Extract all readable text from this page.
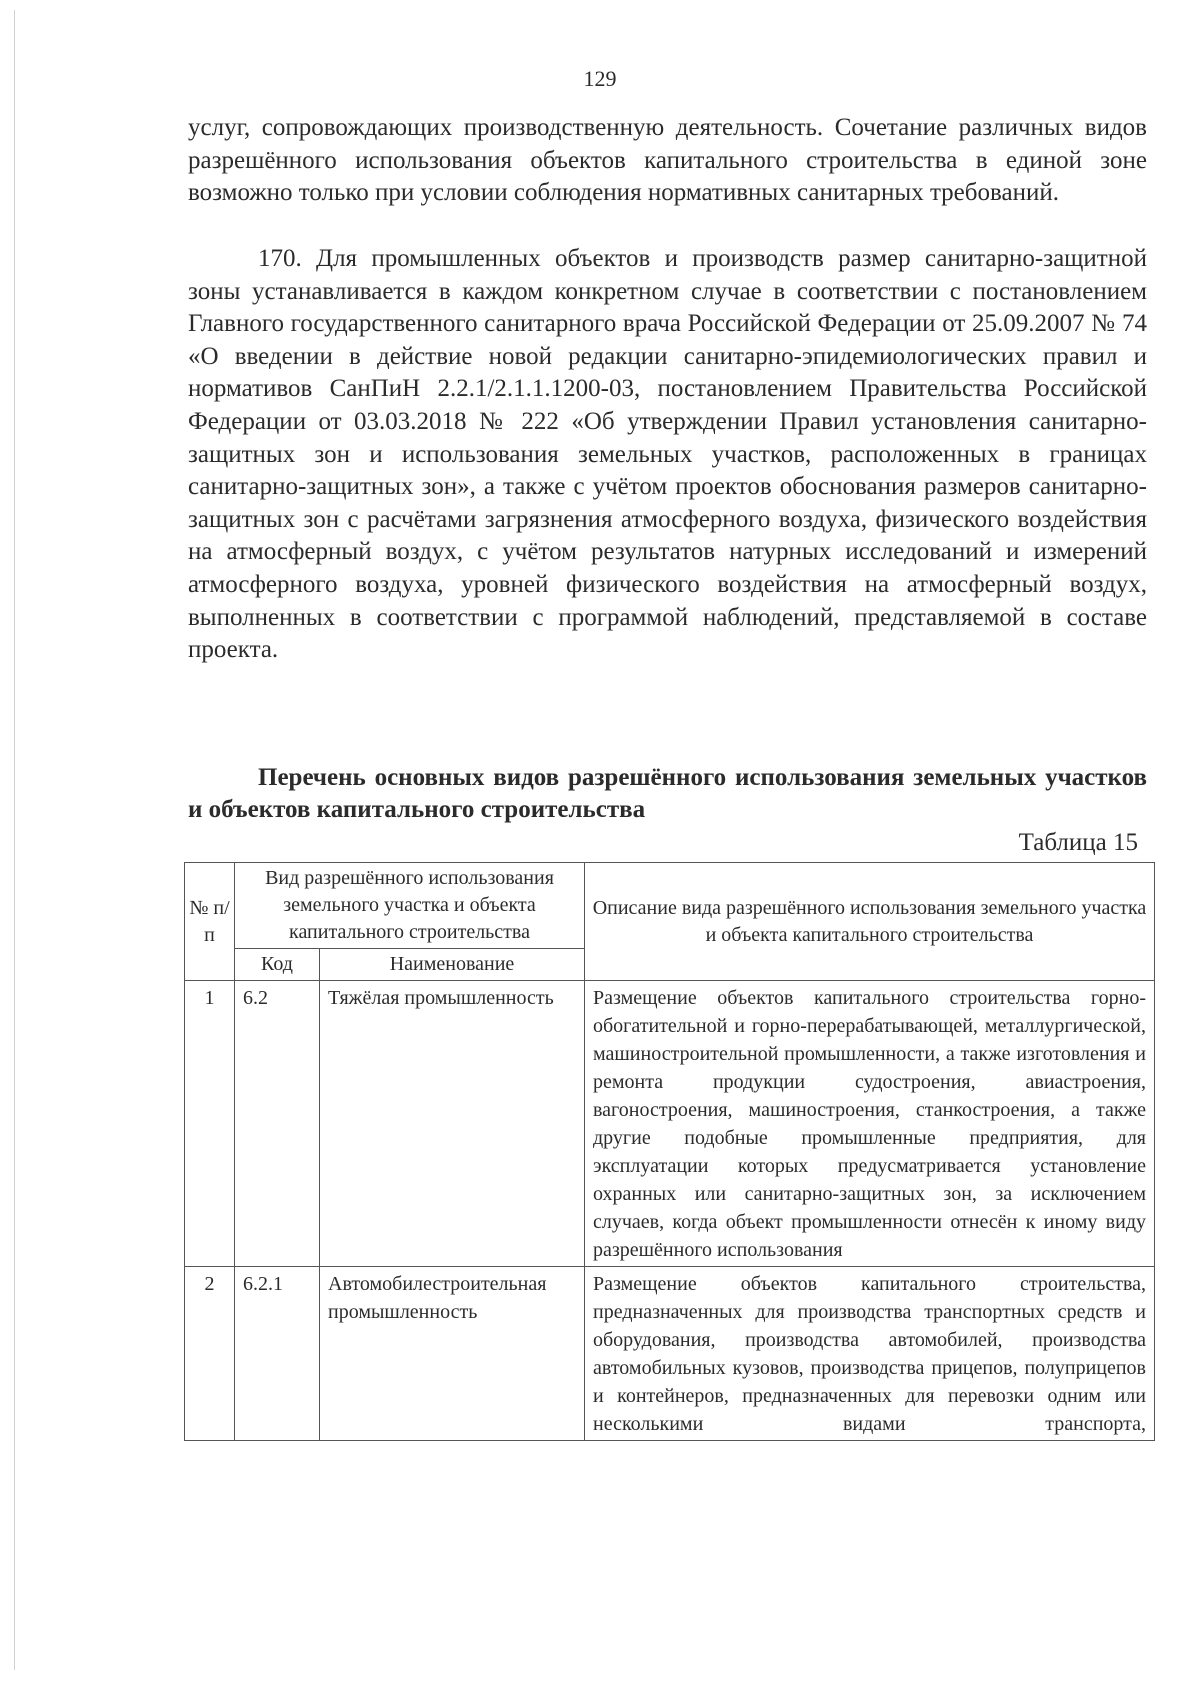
129

услуг, сопровождающих производственную деятельность. Сочетание различных видов разрешённого использования объектов капитального строительства в единой зоне возможно только при условии соблюдения нормативных санитарных требований.

170. Для промышленных объектов и производств размер санитарно-защитной зоны устанавливается в каждом конкретном случае в соответствии с постановлением Главного государственного санитарного врача Российской Федерации от 25.09.2007 № 74 «О введении в действие новой редакции санитарно-эпидемиологических правил и нормативов СанПиН 2.2.1/2.1.1.1200-03, постановлением Правительства Российской Федерации от 03.03.2018 № 222 «Об утверждении Правил установления санитарно-защитных зон и использования земельных участков, расположенных в границах санитарно-защитных зон», а также с учётом проектов обоснования размеров санитарно-защитных зон с расчётами загрязнения атмосферного воздуха, физического воздействия на атмосферный воздух, с учётом результатов натурных исследований и измерений атмосферного воздуха, уровней физического воздействия на атмосферный воздух, выполненных в соответствии с программой наблюдений, представляемой в составе проекта.

Перечень основных видов разрешённого использования земельных участков и объектов капитального строительства
Таблица 15
№ п/п	Вид разрешённого использования земельного участка и объекта капитального строительства		Описание вида разрешённого использования земельного участка и объекта капитального строительства
	Код	Наименование	
1	6.2	Тяжёлая промышленность	Размещение объектов капитального строительства горно-обогатительной и горно-перерабатывающей, металлургической, машиностроительной промышленности, а также изготовления и ремонта продукции судостроения, авиастроения, вагоностроения, машиностроения, станкостроения, а также другие подобные промышленные предприятия, для эксплуатации которых предусматривается установление охранных или санитарно-защитных зон, за исключением случаев, когда объект промышленности отнесён к иному виду разрешённого использования
2	6.2.1	Автомобилестроительная промышленность	Размещение объектов капитального строительства, предназначенных для производства транспортных средств и оборудования, производства автомобилей, производства автомобильных кузовов, производства прицепов, полуприцепов и контейнеров, предназначенных для перевозки одним или несколькими видами транспорта,
